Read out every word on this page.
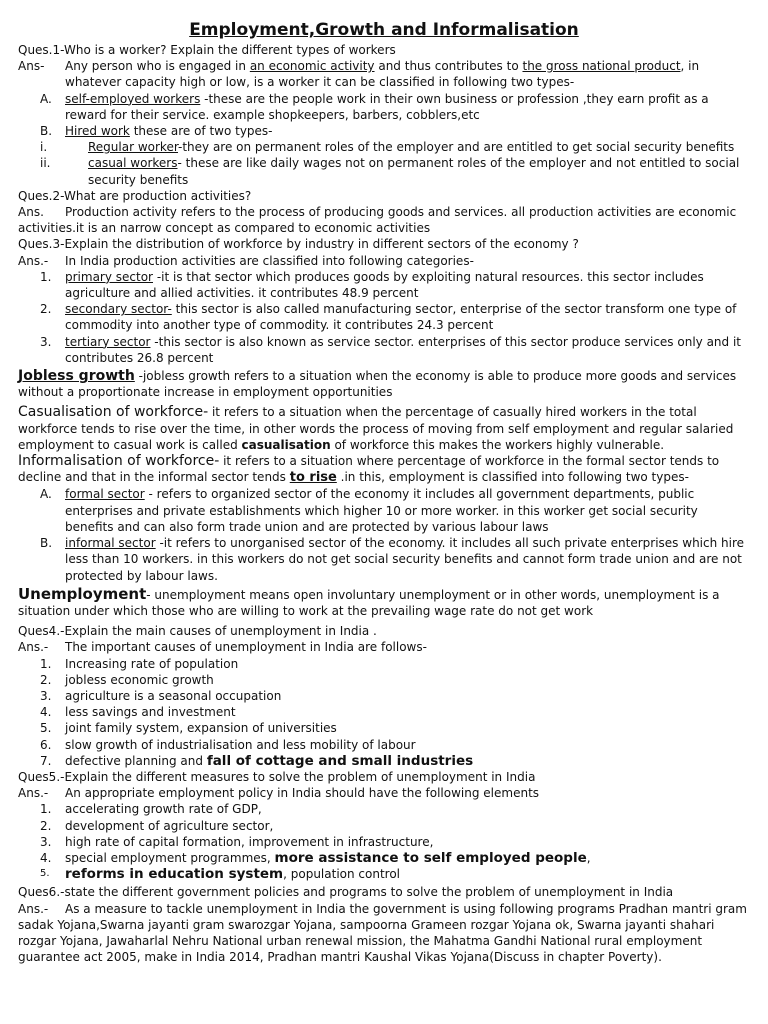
Employment,Growth and Informalisation
Ques.1-Who is a worker? Explain the different types of workers
Ans- Any person who is engaged in an economic activity and thus contributes to the gross national product, in whatever capacity high or low, is a worker it can be classified in following two types-
A. self-employed workers -these are the people work in their own business or profession ,they earn profit as a reward for their service. example shopkeepers, barbers, cobblers,etc
B. Hired work these are of two types-
i.	Regular worker-they are on permanent roles of the employer and are entitled to get social security benefits
ii.	casual workers- these are like daily wages not on permanent roles of the employer and not entitled to social security benefits
Ques.2-What are production activities?
Ans. Production activity refers to the process of producing goods and services. all production activities are economic activities.it is an narrow concept as compared to economic activities
Ques.3-Explain the distribution of workforce by industry in different sectors of the economy ?
Ans.- In India production activities are classified into following categories-
1. primary sector -it is that sector which produces goods by exploiting natural resources. this sector includes agriculture and allied activities. it contributes 48.9 percent
2. secondary sector- this sector is also called manufacturing sector, enterprise of the sector transform one type of commodity into another type of commodity. it contributes 24.3 percent
3. tertiary sector -this sector is also known as service sector. enterprises of this sector produce services only and it contributes 26.8 percent
Jobless growth -jobless growth refers to a situation when the economy is able to produce more goods and services without a proportionate increase in employment opportunities
Casualisation of workforce- it refers to a situation when the percentage of casually hired workers in the total workforce tends to rise over the time, in other words the process of moving from self employment and regular salaried employment to casual work is called casualisation of workforce this makes the workers highly vulnerable.
Informalisation of workforce- it refers to a situation where percentage of workforce in the formal sector tends to decline and that in the informal sector tends to rise .in this, employment is classified into following two types-
A. formal sector - refers to organized sector of the economy it includes all government departments, public enterprises and private establishments which higher 10 or more worker. in this worker get social security benefits and can also form trade union and are protected by various labour laws
B. informal sector -it refers to unorganised sector of the economy. it includes all such private enterprises which hire less than 10 workers. in this workers do not get social security benefits and cannot form trade union and are not protected by labour laws.
Unemployment- unemployment means open involuntary unemployment or in other words, unemployment is a situation under which those who are willing to work at the prevailing wage rate do not get work
Ques4.-Explain the main causes of unemployment in India .
Ans.- The important causes of unemployment in India are follows-
1. Increasing rate of population
2. jobless economic growth
3. agriculture is a seasonal occupation
4. less savings and investment
5. joint family system, expansion of universities
6. slow growth of industrialisation and less mobility of labour
7. defective planning and fall of cottage and small industries
Ques5.-Explain the different measures to solve the problem of unemployment in India
Ans.- An appropriate employment policy in India should have the following elements
1. accelerating growth rate of GDP,
2. development of agriculture sector,
3. high rate of capital formation, improvement in infrastructure,
4. special employment programmes, more assistance to self employed people,
5. reforms in education system, population control
Ques6.-state the different government policies and programs to solve the problem of unemployment in India
Ans.- As a measure to tackle unemployment in India the government is using following programs Pradhan mantri gram sadak Yojana,Swarna jayanti gram swarozgar Yojana, sampoorna Grameen rozgar Yojana ok, Swarna jayanti shahari rozgar Yojana, Jawaharlal Nehru National urban renewal mission, the Mahatma Gandhi National rural employment guarantee act 2005, make in India 2014, Pradhan mantri Kaushal Vikas Yojana(Discuss in chapter Poverty).
